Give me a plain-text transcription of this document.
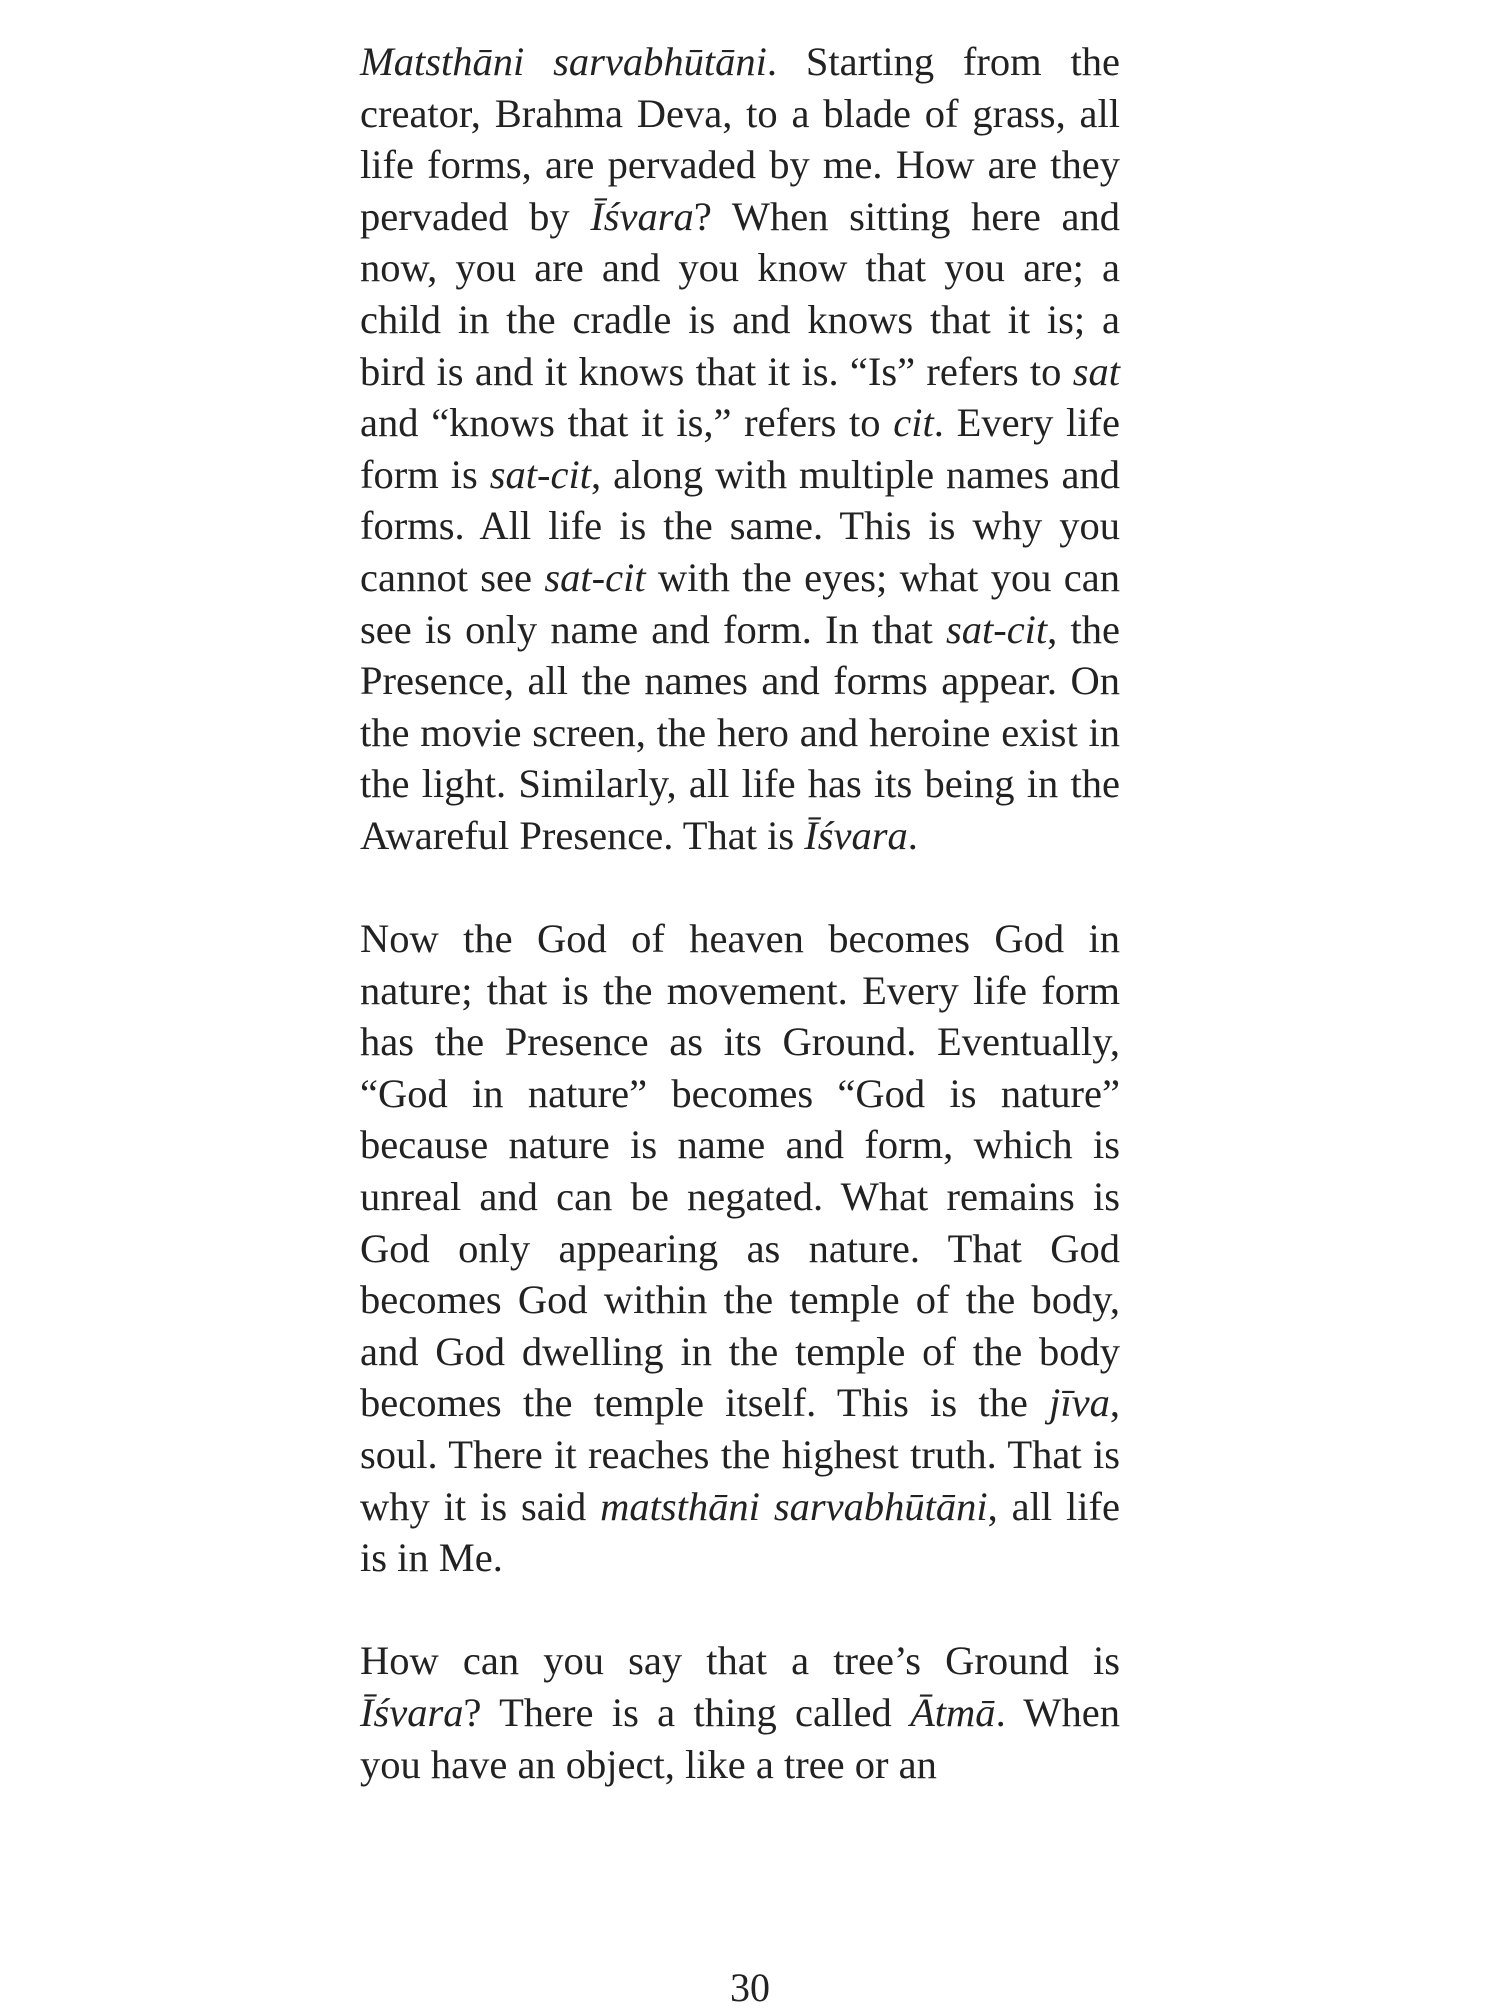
Matsthāni sarvabhūtāni. Starting from the creator, Brahma Deva, to a blade of grass, all life forms, are pervaded by me. How are they pervaded by Īśvara? When sitting here and now, you are and you know that you are; a child in the cradle is and knows that it is; a bird is and it knows that it is. “Is” refers to sat and “knows that it is,” refers to cit. Every life form is sat-cit, along with multiple names and forms. All life is the same. This is why you cannot see sat-cit with the eyes; what you can see is only name and form. In that sat-cit, the Presence, all the names and forms appear. On the movie screen, the hero and heroine exist in the light. Similarly, all life has its being in the Awareful Presence. That is Īśvara.

Now the God of heaven becomes God in nature; that is the movement. Every life form has the Presence as its Ground. Eventually, “God in nature” becomes “God is nature” because nature is name and form, which is unreal and can be negated. What remains is God only appearing as nature. That God becomes God within the temple of the body, and God dwelling in the temple of the body becomes the temple itself. This is the jīva, soul. There it reaches the highest truth. That is why it is said matsthāni sarvabhūtāni, all life is in Me.

How can you say that a tree’s Ground is Īśvara? There is a thing called Ātmā. When you have an object, like a tree or an

30
